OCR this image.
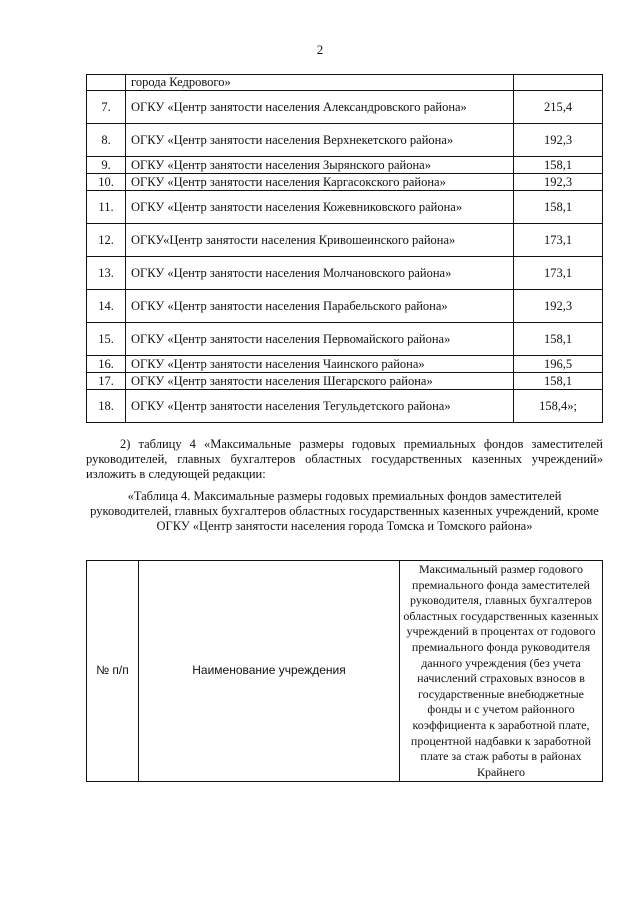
2
	города Кедрового»	
7.	ОГКУ «Центр занятости населения Александровского района»	215,4
8.	ОГКУ «Центр занятости населения Верхнекетского района»	192,3
9.	ОГКУ «Центр занятости населения Зырянского района»	158,1
10.	ОГКУ «Центр занятости населения Каргасокского района»	192,3
11.	ОГКУ «Центр занятости населения Кожевниковского района»	158,1
12.	ОГКУ«Центр занятости населения Кривошеинского района»	173,1
13.	ОГКУ «Центр занятости населения Молчановского района»	173,1
14.	ОГКУ «Центр занятости населения Парабельского района»	192,3
15.	ОГКУ «Центр занятости населения Первомайского района»	158,1
16.	ОГКУ «Центр занятости населения Чаинского района»	196,5
17.	ОГКУ «Центр занятости населения Шегарского района»	158,1
18.	ОГКУ «Центр занятости населения Тегульдетского района»	158,4»;
2) таблицу 4 «Максимальные размеры годовых премиальных фондов заместителей руководителей, главных бухгалтеров областных государственных казенных учреждений» изложить в следующей редакции:
«Таблица 4. Максимальные размеры годовых премиальных фондов заместителей руководителей, главных бухгалтеров областных государственных казенных учреждений, кроме ОГКУ «Центр занятости населения города Томска и Томского района»
№ п/п	Наименование учреждения	Максимальный размер годового премиального фонда заместителей руководителя, главных бухгалтеров областных государственных казенных учреждений в процентах от годового премиального фонда руководителя данного учреждения (без учета начислений страховых взносов в государственные внебюджетные фонды и с учетом районного коэффициента к заработной плате, процентной надбавки к заработной плате за стаж работы в районах Крайнего
